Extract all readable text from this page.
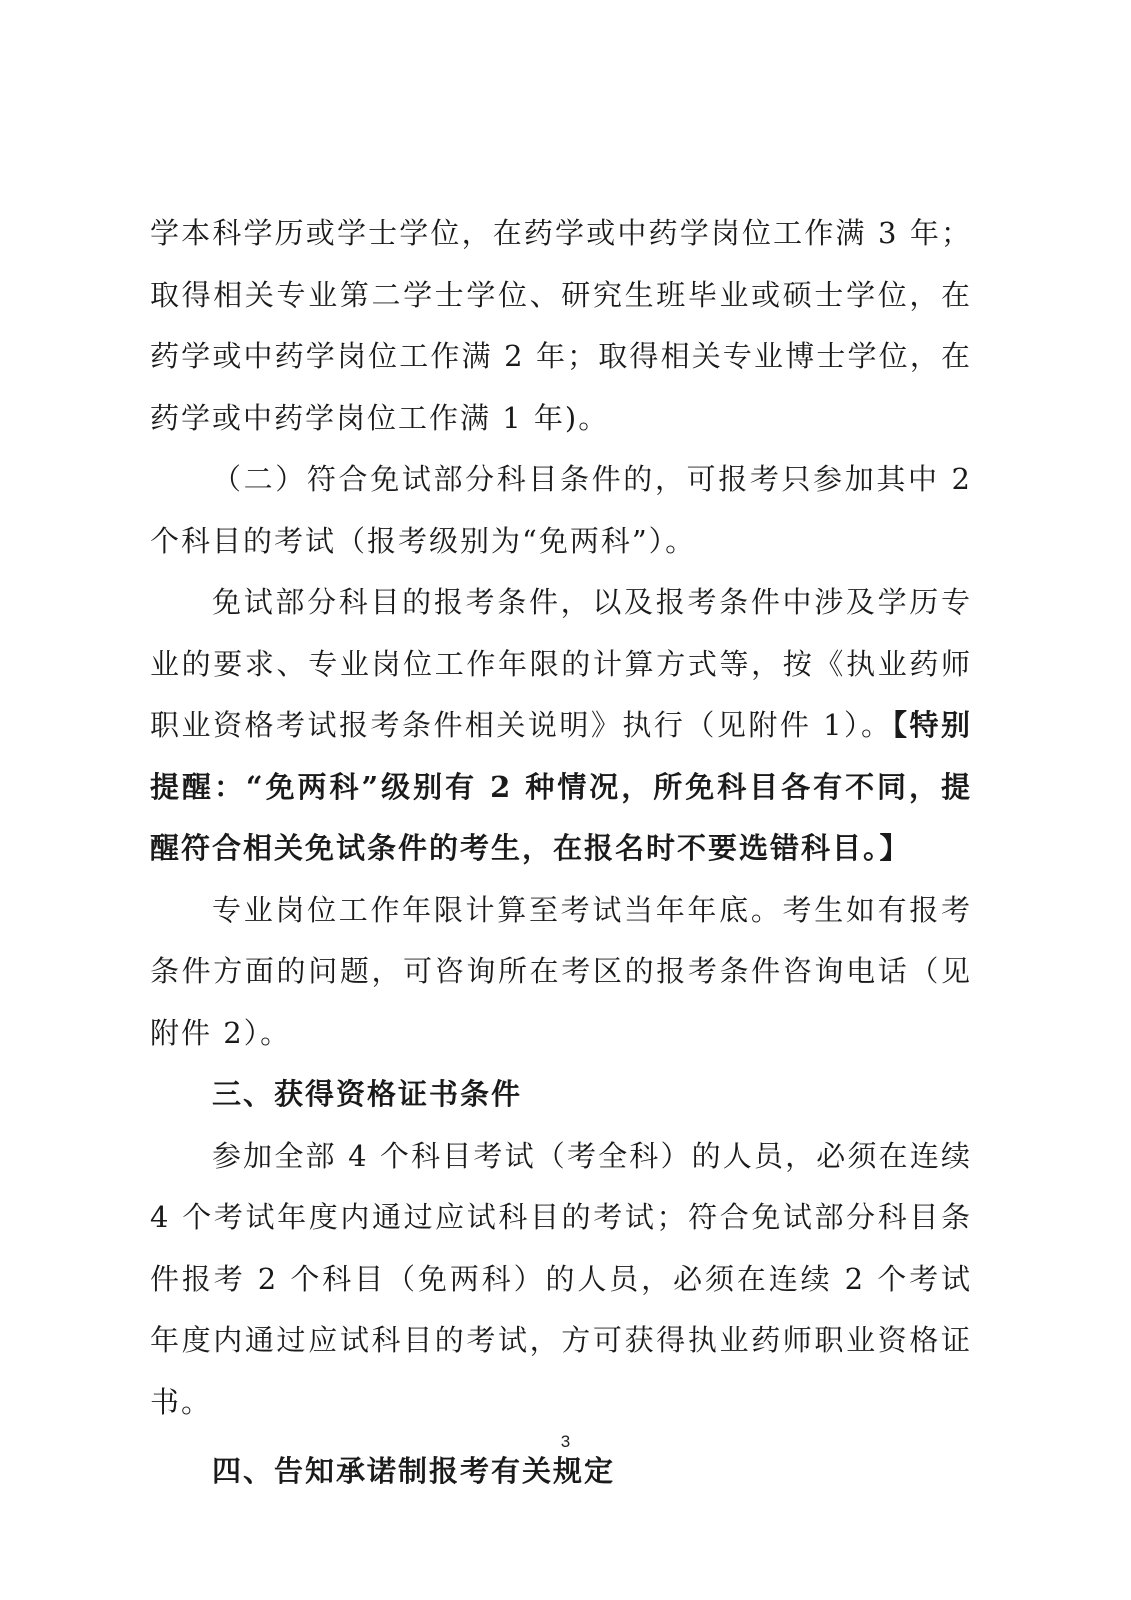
学本科学历或学士学位，在药学或中药学岗位工作满 3 年；取得相关专业第二学士学位、研究生班毕业或硕士学位，在药学或中药学岗位工作满 2 年；取得相关专业博士学位，在药学或中药学岗位工作满 1 年)。

（二）符合免试部分科目条件的，可报考只参加其中 2 个科目的考试（报考级别为“免两科”）。

免试部分科目的报考条件，以及报考条件中涉及学历专业的要求、专业岗位工作年限的计算方式等，按《执业药师职业资格考试报考条件相关说明》执行（见附件 1）。【特别提醒：“免两科”级别有 2 种情况，所免科目各有不同，提醒符合相关免试条件的考生，在报名时不要选错科目。】

专业岗位工作年限计算至考试当年年底。考生如有报考条件方面的问题，可咨询所在考区的报考条件咨询电话（见附件 2）。

三、获得资格证书条件

参加全部 4 个科目考试（考全科）的人员，必须在连续 4 个考试年度内通过应试科目的考试；符合免试部分科目条件报考 2 个科目（免两科）的人员，必须在连续 2 个考试年度内通过应试科目的考试，方可获得执业药师职业资格证书。

四、告知承诺制报考有关规定

3
